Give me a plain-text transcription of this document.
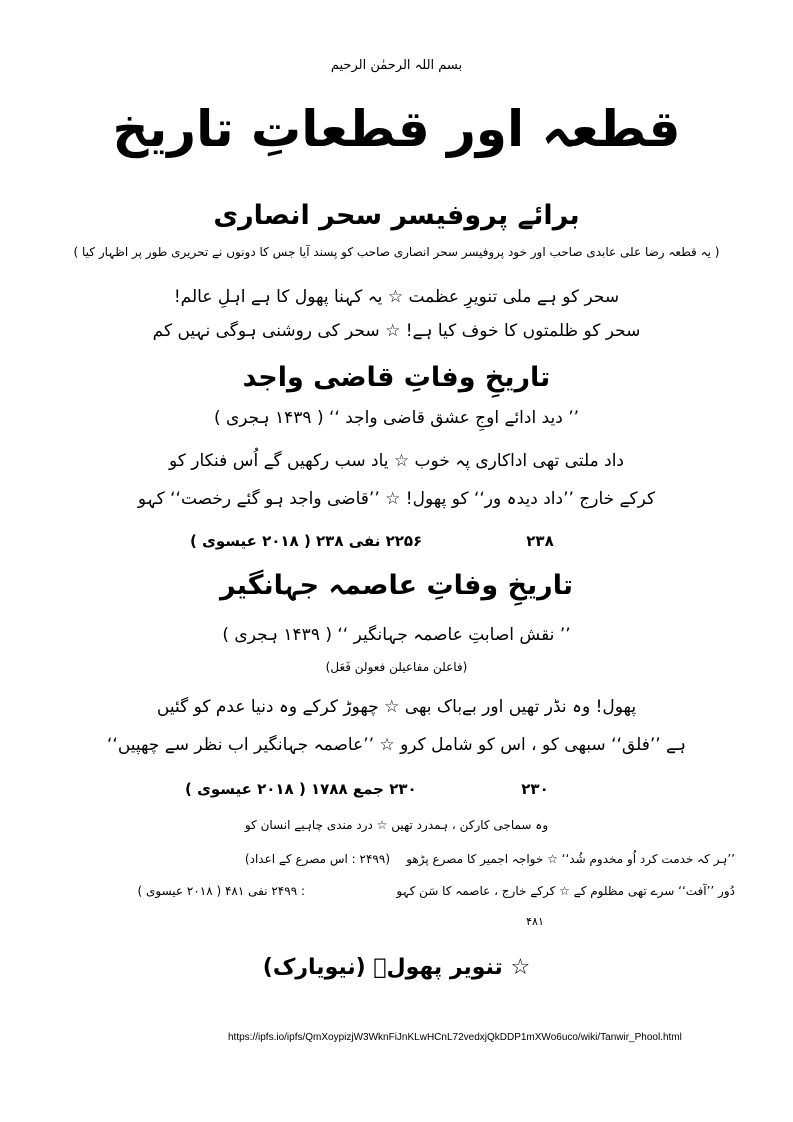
بسم اللہ الرحمٰن الرحیم
قطعہ اور قطعاتِ تاریخ
برائے پروفیسر سحر انصاری
( یہ قطعہ رضا علی عابدی صاحب اور خود پروفیسر سحر انصاری صاحب کو پسند آیا جس کا دونوں نے تحریری طور پر اظہار کیا )
سحر کو ہے ملی تنویرِ عظمت ☆ یہ کہنا پھول کا ہے اہلِ عالم!
سحر کو ظلمتوں کا خوف کیا ہے! ☆ سحر کی روشنی ہوگی نہیں کم
تاریخِ وفاتِ قاضی واجد
’’ دید ادائے اوجِ عشق قاضی واجد ‘‘ ( ۱۴۳۹ ہجری )
داد ملتی تھی اداکاری پہ خوب ☆ یاد سب رکھیں گے اُس فنکار کو
کرکے خارج ’’داد دیدہ ور‘‘ کو پھول! ☆ ’’قاضی واجد ہو گئے رخصت‘‘ کہو
۲۲۵۶ نفی ۲۳۸ ( ۲۰۱۸ عیسوی )	۲۳۸
تاریخِ وفاتِ عاصمہ جہانگیر
’’ نقش اصابتِ عاصمہ جہانگیر ‘‘ ( ۱۴۳۹ ہجری )
(فاعلن مفاعیلن فعولن فَعَل)
پھول! وہ نڈر تھیں اور بےباک بھی ☆ چھوڑ کرکے وہ دنیا عدم کو گئیں
ہے ’’فلق‘‘ سبھی کو ، اس کو شامل کرو ☆ ’’عاصمہ جہانگیر اب نظر سے چھپیں‘‘
۲۳۰ جمع ۱۷۸۸ ( ۲۰۱۸ عیسوی )	۲۳۰
وہ سماجی کارکن ، ہمدرد تھیں ☆ درد مندی چاہیے انسان کو
’’ہر کہ خدمت کرد اُو مخدوم شُد‘‘ ☆ خواجہ اجمیر کا مصرع پڑھو
(۲۴۹۹ : اس مصرع کے اعداد)
دُور ’’آفت‘‘ سرے تھی مظلوم کے ☆ کرکے خارج ، عاصمہ کا سَن کہو
: ۲۴۹۹ نفی ۴۸۱ ( ۲۰۱۸ عیسوی )
۴۸۱
☆ تنویر پھولؔ (نیویارک)
https://ipfs.io/ipfs/QmXoypizjW3WknFiJnKLwHCnL72vedxjQkDDP1mXWo6uco/wiki/Tanwir_Phool.html
